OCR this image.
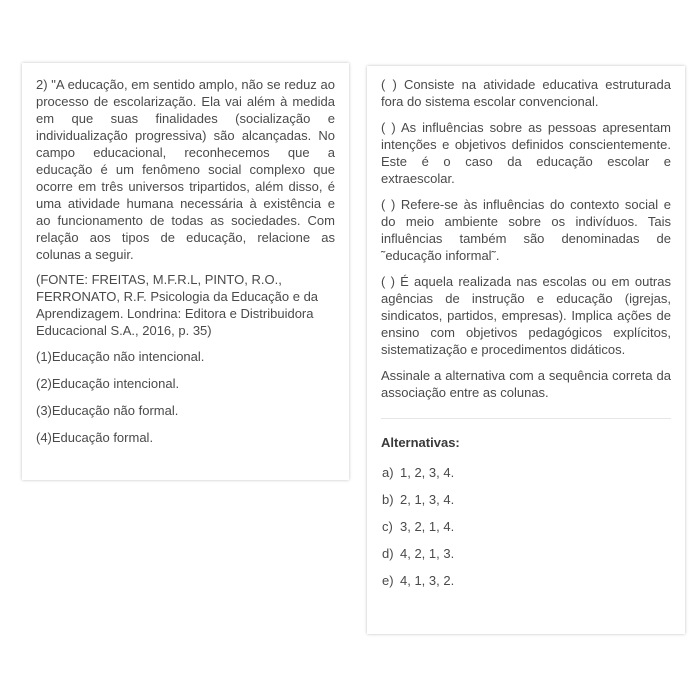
2) "A educação, em sentido amplo, não se reduz ao processo de escolarização. Ela vai além à medida em que suas finalidades (socialização e individualização progressiva) são alcançadas. No campo educacional, reconhecemos que a educação é um fenômeno social complexo que ocorre em três universos tripartidos, além disso, é uma atividade humana necessária à existência e ao funcionamento de todas as sociedades. Com relação aos tipos de educação, relacione as colunas a seguir.

(FONTE: FREITAS, M.F.R.L, PINTO, R.O., FERRONATO, R.F. Psicologia da Educação e da Aprendizagem. Londrina: Editora e Distribuidora Educacional S.A., 2016, p. 35)

(1)Educação não intencional.

(2)Educação intencional.

(3)Educação não formal.

(4)Educação formal.

( ) Consiste na atividade educativa estruturada fora do sistema escolar convencional.

( ) As influências sobre as pessoas apresentam intenções e objetivos definidos conscientemente. Este é o caso da educação escolar e extraescolar.

( ) Refere-se às influências do contexto social e do meio ambiente sobre os indivíduos. Tais influências também são denominadas de ˜educação informal˜.

( ) É aquela realizada nas escolas ou em outras agências de instrução e educação (igrejas, sindicatos, partidos, empresas). Implica ações de ensino com objetivos pedagógicos explícitos, sistematização e procedimentos didáticos.

Assinale a alternativa com a sequência correta da associação entre as colunas.

Alternativas:
a) 1, 2, 3, 4.
b) 2, 1, 3, 4.
c) 3, 2, 1, 4.
d) 4, 2, 1, 3.
e) 4, 1, 3, 2.
